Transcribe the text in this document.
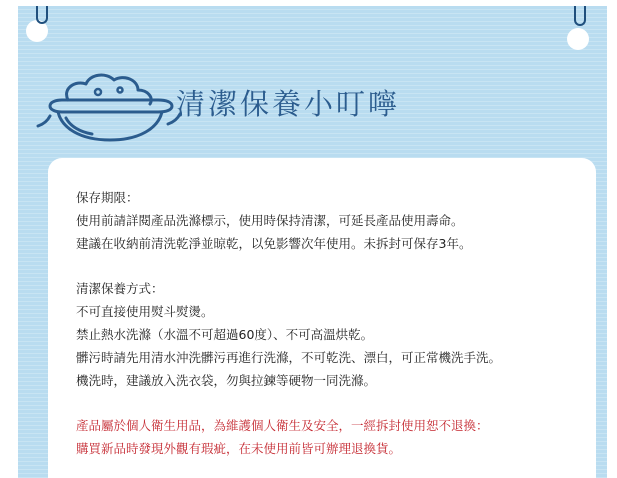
清潔保養小叮嚀

保存期限：

使用前請詳閱產品洗滌標示，使用時保持清潔，可延長產品使用壽命。

建議在收納前清洗乾淨並晾乾，以免影響次年使用。未拆封可保存3年。

清潔保養方式：

不可直接使用熨斗熨燙。

禁止熱水洗滌（水溫不可超過60度）、不可高溫烘乾。

髒污時請先用清水沖洗髒污再進行洗滌，不可乾洗、漂白，可正常機洗手洗。

機洗時，建議放入洗衣袋，勿與拉鍊等硬物一同洗滌。

產品屬於個人衛生用品，為維護個人衛生及安全，一經拆封使用恕不退換：

購買新品時發現外觀有瑕疵，在未使用前皆可辦理退換貨。
